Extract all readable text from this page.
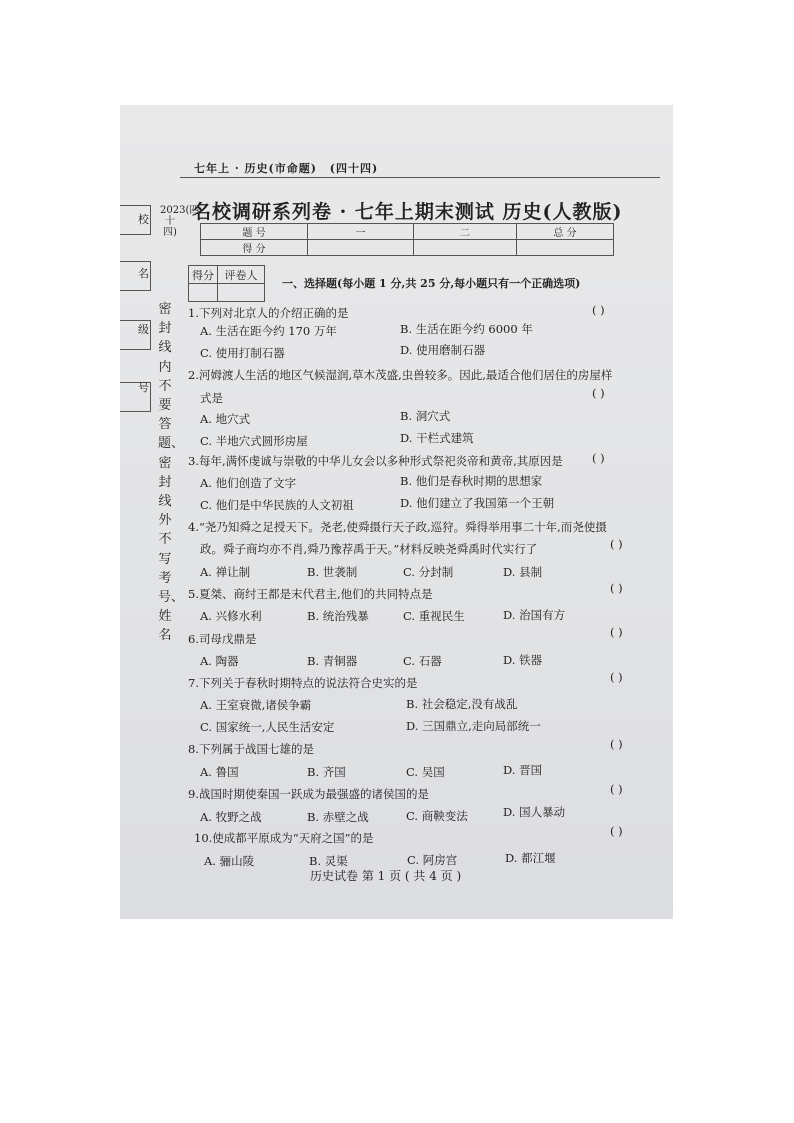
校
名
级
号
2023(四十四)
密封线内不要答题、密封线外不写考号、姓名
七年上 · 历史(市命题) (四十四)
名校调研系列卷 · 七年上期末测试 历史(人教版)
题 号	一	二	总 分
得 分			
得分	评卷人

一、选择题(每小题 1 分,共 25 分,每小题只有一个正确选项)
1.下列对北京人的介绍正确的是	( )
A. 生活在距今约 170 万年	B. 生活在距今约 6000 年
C. 使用打制石器	D. 使用磨制石器
2.河姆渡人生活的地区气候湿润,草木茂盛,虫兽较多。因此,最适合他们居住的房屋样
式是	( )
A. 地穴式	B. 洞穴式
C. 半地穴式圆形房屋	D. 干栏式建筑
3.每年,满怀虔诚与崇敬的中华儿女会以多种形式祭祀炎帝和黄帝,其原因是	( )
A. 他们创造了文字	B. 他们是春秋时期的思想家
C. 他们是中华民族的人文初祖	D. 他们建立了我国第一个王朝
4.“尧乃知舜之足授天下。尧老,使舜摄行天子政,巡狩。舜得举用事二十年,而尧使摄
政。舜子商均亦不肖,舜乃豫荐禹于天。”材料反映尧舜禹时代实行了	( )
A. 禅让制	B. 世袭制	C. 分封制	D. 县制
5.夏桀、商纣王都是末代君主,他们的共同特点是	( )
A. 兴修水利	B. 统治残暴	C. 重视民生	D. 治国有方
6.司母戊鼎是	( )
A. 陶器	B. 青铜器	C. 石器	D. 铁器
7.下列关于春秋时期特点的说法符合史实的是	( )
A. 王室衰微,诸侯争霸	B. 社会稳定,没有战乱
C. 国家统一,人民生活安定	D. 三国鼎立,走向局部统一
8.下列属于战国七雄的是	( )
A. 鲁国	B. 齐国	C. 吴国	D. 晋国
9.战国时期使秦国一跃成为最强盛的诸侯国的是	( )
A. 牧野之战	B. 赤壁之战	C. 商鞅变法	D. 国人暴动
10.使成都平原成为“天府之国”的是	( )
A. 骊山陵	B. 灵渠	C. 阿房宫	D. 都江堰
历史试卷 第 1 页 ( 共 4 页 )
